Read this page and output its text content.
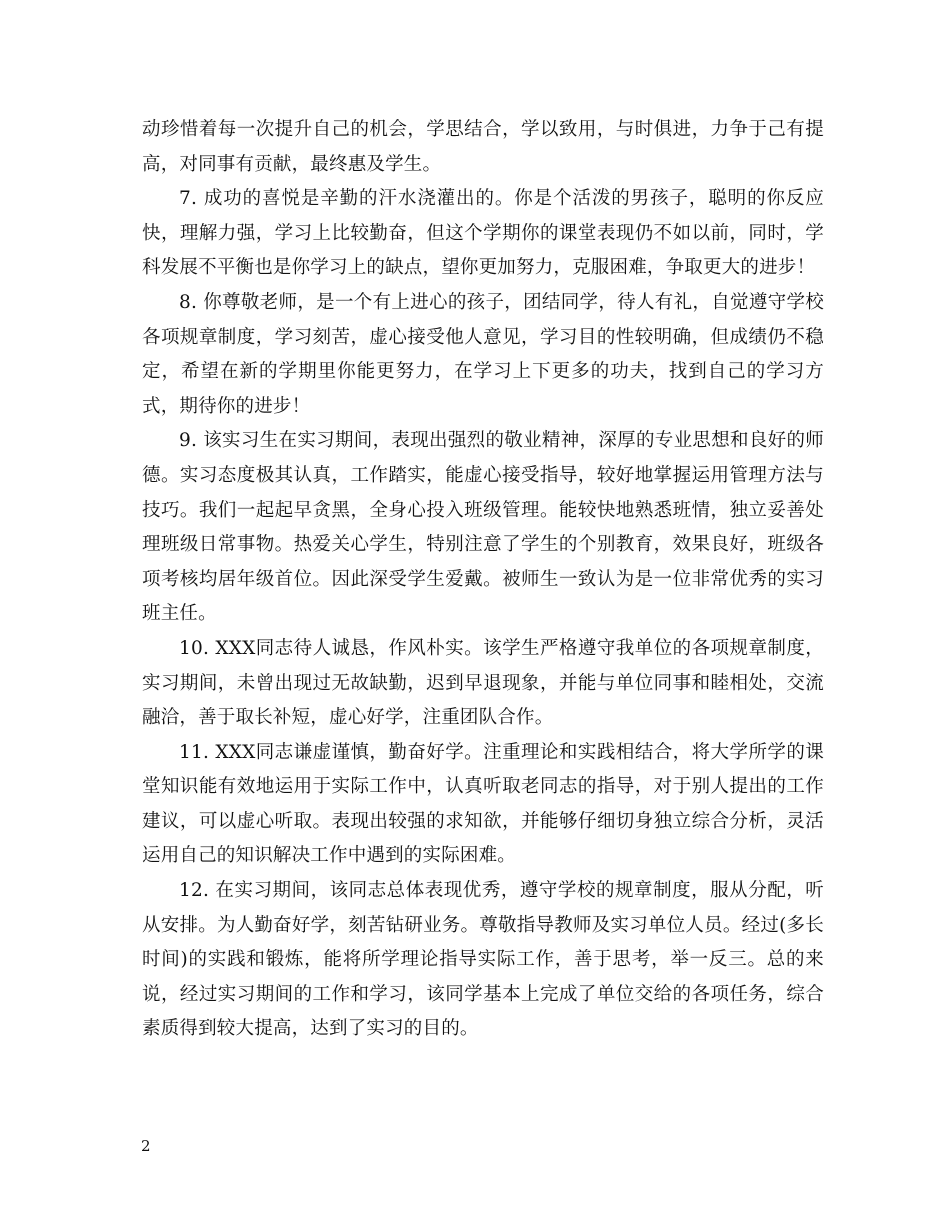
动珍惜着每一次提升自己的机会，学思结合，学以致用，与时俱进，力争于己有提高，对同事有贡献，最终惠及学生。

7. 成功的喜悦是辛勤的汗水浇灌出的。你是个活泼的男孩子，聪明的你反应快，理解力强，学习上比较勤奋，但这个学期你的课堂表现仍不如以前，同时，学科发展不平衡也是你学习上的缺点，望你更加努力，克服困难，争取更大的进步！

8. 你尊敬老师，是一个有上进心的孩子，团结同学，待人有礼，自觉遵守学校各项规章制度，学习刻苦，虚心接受他人意见，学习目的性较明确，但成绩仍不稳定，希望在新的学期里你能更努力，在学习上下更多的功夫，找到自己的学习方式，期待你的进步！

9. 该实习生在实习期间，表现出强烈的敬业精神，深厚的专业思想和良好的师德。实习态度极其认真，工作踏实，能虚心接受指导，较好地掌握运用管理方法与技巧。我们一起起早贪黑，全身心投入班级管理。能较快地熟悉班情，独立妥善处理班级日常事物。热爱关心学生，特别注意了学生的个别教育，效果良好，班级各项考核均居年级首位。因此深受学生爱戴。被师生一致认为是一位非常优秀的实习班主任。

10. XXX同志待人诚恳，作风朴实。该学生严格遵守我单位的各项规章制度，实习期间，未曾出现过无故缺勤，迟到早退现象，并能与单位同事和睦相处，交流融洽，善于取长补短，虚心好学，注重团队合作。

11. XXX同志谦虚谨慎，勤奋好学。注重理论和实践相结合，将大学所学的课堂知识能有效地运用于实际工作中，认真听取老同志的指导，对于别人提出的工作建议，可以虚心听取。表现出较强的求知欲，并能够仔细切身独立综合分析，灵活运用自己的知识解决工作中遇到的实际困难。

12. 在实习期间，该同志总体表现优秀，遵守学校的规章制度，服从分配，听从安排。为人勤奋好学，刻苦钻研业务。尊敬指导教师及实习单位人员。经过(多长时间)的实践和锻炼，能将所学理论指导实际工作，善于思考，举一反三。总的来说，经过实习期间的工作和学习，该同学基本上完成了单位交给的各项任务，综合素质得到较大提高，达到了实习的目的。

2
